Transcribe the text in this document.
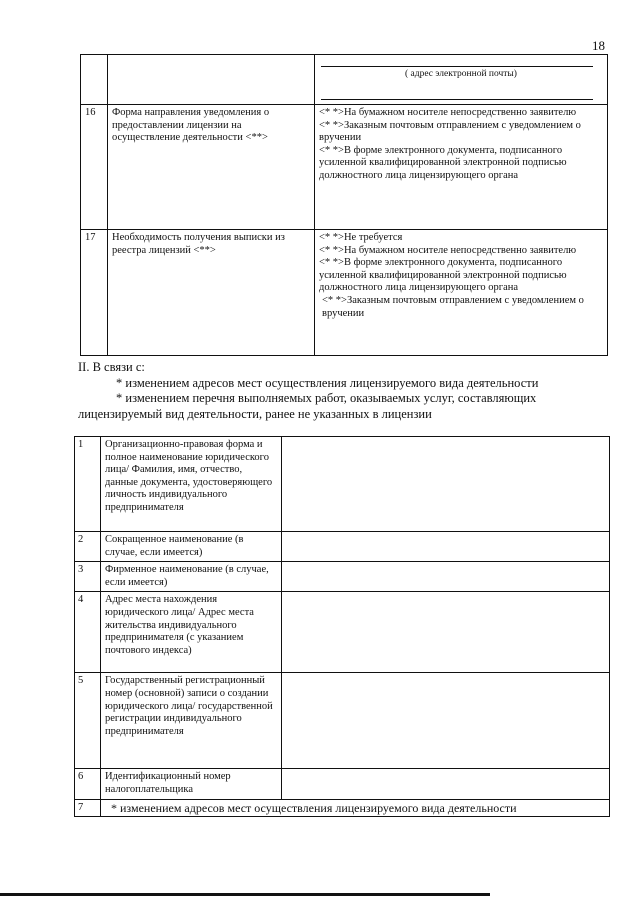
18

		( адрес электронной почты)

16	Форма направления уведомления о предоставлении лицензии на осуществление деятельности <**>	<* *>На бумажном носителе непосредственно заявителю

<* *>Заказным почтовым отправлением с уведомлением о вручении

<* *>В форме электронного документа, подписанного усиленной квалифицированной электронной подписью должностного лица лицензирующего органа

17	Необходимость получения выписки из реестра лицензий <**>	<* *>Не требуется

<* *>На бумажном носителе непосредственно заявителю

<* *>В форме электронного документа, подписанного усиленной квалифицированной электронной подписью должностного лица лицензирующего органа

<* *>Заказным почтовым отправлением с уведомлением о вручении

II. В связи с:

* изменением адресов мест осуществления лицензируемого вида деятельности

* изменением перечня выполняемых работ, оказываемых услуг, составляющих лицензируемый вид деятельности, ранее не указанных в лицензии

1	Организационно-правовая форма и полное наименование юридического лица/ Фамилия, имя, отчество, данные документа, удостоверяющего личность индивидуального предпринимателя	
2	Сокращенное наименование (в случае, если имеется)	
3	Фирменное наименование (в случае, если имеется)	
4	Адрес места нахождения юридического лица/ Адрес места жительства индивидуального предпринимателя (с указанием почтового индекса)	
5	Государственный регистрационный номер (основной) записи о создании юридического лица/ государственной регистрации индивидуального предпринимателя	
6	Идентификационный номер налогоплательщика	
7	* изменением адресов мест осуществления лицензируемого вида деятельности	
